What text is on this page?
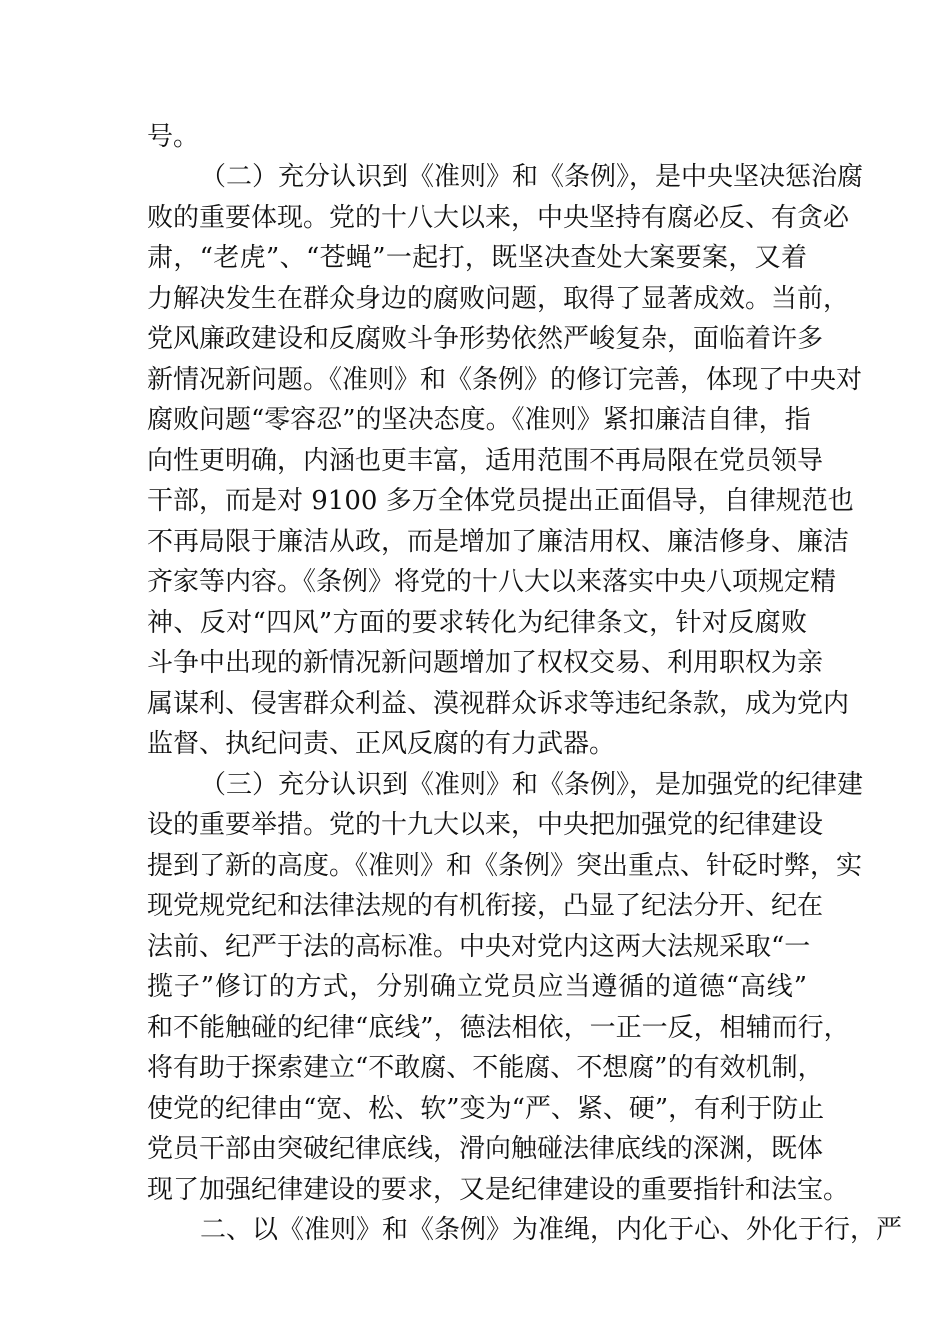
号。
（二）充分认识到《准则》和《条例》，是中央坚决惩治腐
败的重要体现。党的十八大以来，中央坚持有腐必反、有贪必
肃，“老虎”、“苍蝇”一起打，既坚决查处大案要案，又着
力解决发生在群众身边的腐败问题，取得了显著成效。当前，
党风廉政建设和反腐败斗争形势依然严峻复杂，面临着许多
新情况新问题。《准则》和《条例》的修订完善，体现了中央对
腐败问题“零容忍”的坚决态度。《准则》紧扣廉洁自律，指
向性更明确，内涵也更丰富，适用范围不再局限在党员领导
干部，而是对 9100 多万全体党员提出正面倡导，自律规范也
不再局限于廉洁从政，而是增加了廉洁用权、廉洁修身、廉洁
齐家等内容。《条例》将党的十八大以来落实中央八项规定精
神、反对“四风”方面的要求转化为纪律条文，针对反腐败
斗争中出现的新情况新问题增加了权权交易、利用职权为亲
属谋利、侵害群众利益、漠视群众诉求等违纪条款，成为党内
监督、执纪问责、正风反腐的有力武器。
（三）充分认识到《准则》和《条例》，是加强党的纪律建
设的重要举措。党的十九大以来，中央把加强党的纪律建设
提到了新的高度。《准则》和《条例》突出重点、针砭时弊，实
现党规党纪和法律法规的有机衔接，凸显了纪法分开、纪在
法前、纪严于法的高标准。中央对党内这两大法规采取“一
揽子”修订的方式，分别确立党员应当遵循的道德“高线”
和不能触碰的纪律“底线”，德法相依，一正一反，相辅而行，
将有助于探索建立“不敢腐、不能腐、不想腐”的有效机制，
使党的纪律由“宽、松、软”变为“严、紧、硬”，有利于防止
党员干部由突破纪律底线，滑向触碰法律底线的深渊，既体
现了加强纪律建设的要求，又是纪律建设的重要指针和法宝。
二、以《准则》和《条例》为准绳，内化于心、外化于行，严
